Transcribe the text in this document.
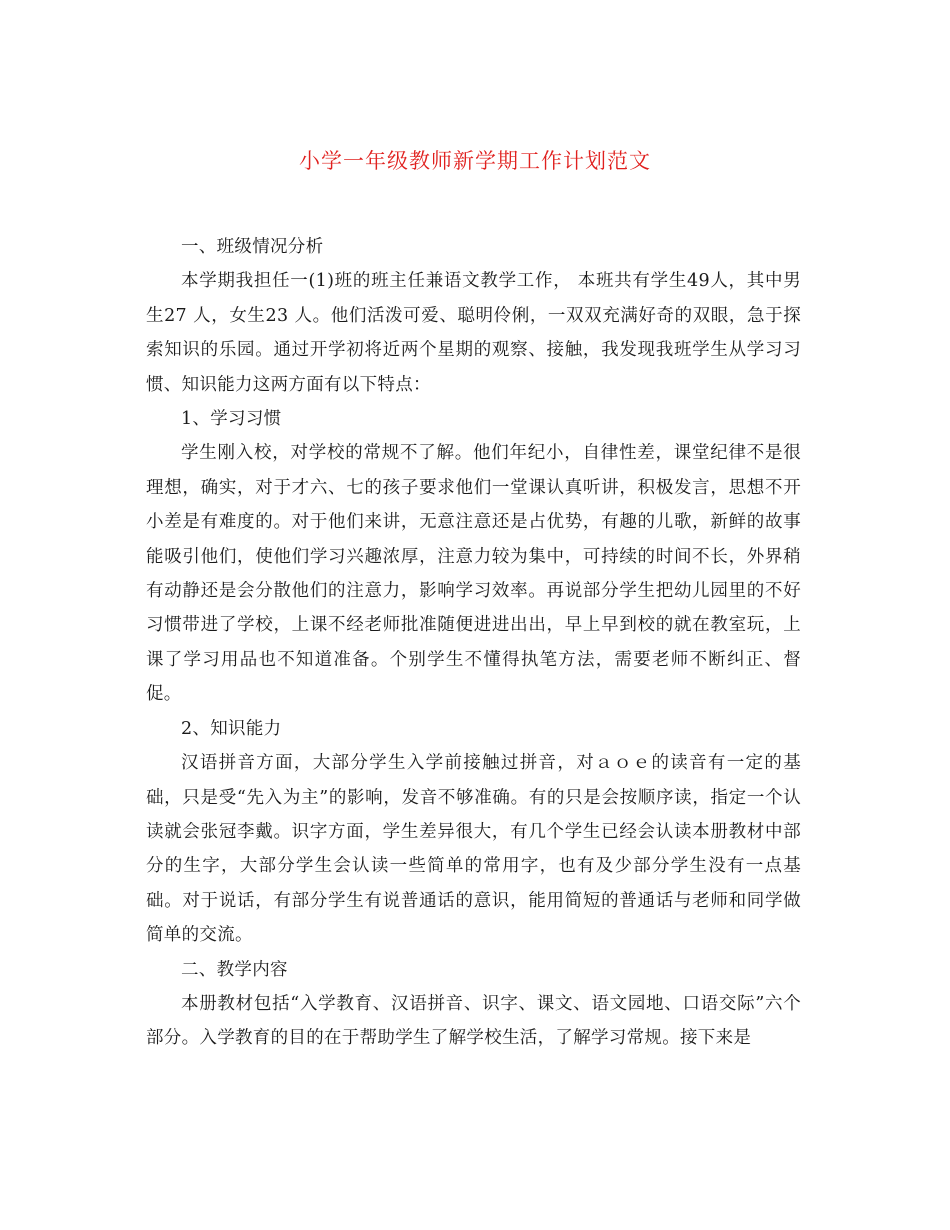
小学一年级教师新学期工作计划范文

一、班级情况分析

本学期我担任一(1)班的班主任兼语文教学工作， 本班共有学生49人，其中男生27 人，女生23 人。他们活泼可爱、聪明伶俐，一双双充满好奇的双眼，急于探索知识的乐园。通过开学初将近两个星期的观察、接触，我发现我班学生从学习习惯、知识能力这两方面有以下特点：

1、学习习惯

学生刚入校，对学校的常规不了解。他们年纪小，自律性差，课堂纪律不是很理想，确实，对于才六、七的孩子要求他们一堂课认真听讲，积极发言，思想不开小差是有难度的。对于他们来讲，无意注意还是占优势，有趣的儿歌，新鲜的故事能吸引他们，使他们学习兴趣浓厚，注意力较为集中，可持续的时间不长，外界稍有动静还是会分散他们的注意力，影响学习效率。再说部分学生把幼儿园里的不好习惯带进了学校，上课不经老师批准随便进进出出，早上早到校的就在教室玩，上课了学习用品也不知道准备。个别学生不懂得执笔方法，需要老师不断纠正、督促。

2、知识能力

汉语拼音方面，大部分学生入学前接触过拼音，对ａｏｅ的读音有一定的基础，只是受“先入为主”的影响，发音不够准确。有的只是会按顺序读，指定一个认读就会张冠李戴。识字方面，学生差异很大，有几个学生已经会认读本册教材中部分的生字，大部分学生会认读一些简单的常用字，也有及少部分学生没有一点基础。对于说话，有部分学生有说普通话的意识，能用简短的普通话与老师和同学做简单的交流。

二、教学内容

本册教材包括“入学教育、汉语拼音、识字、课文、语文园地、口语交际”六个部分。入学教育的目的在于帮助学生了解学校生活，了解学习常规。接下来是
